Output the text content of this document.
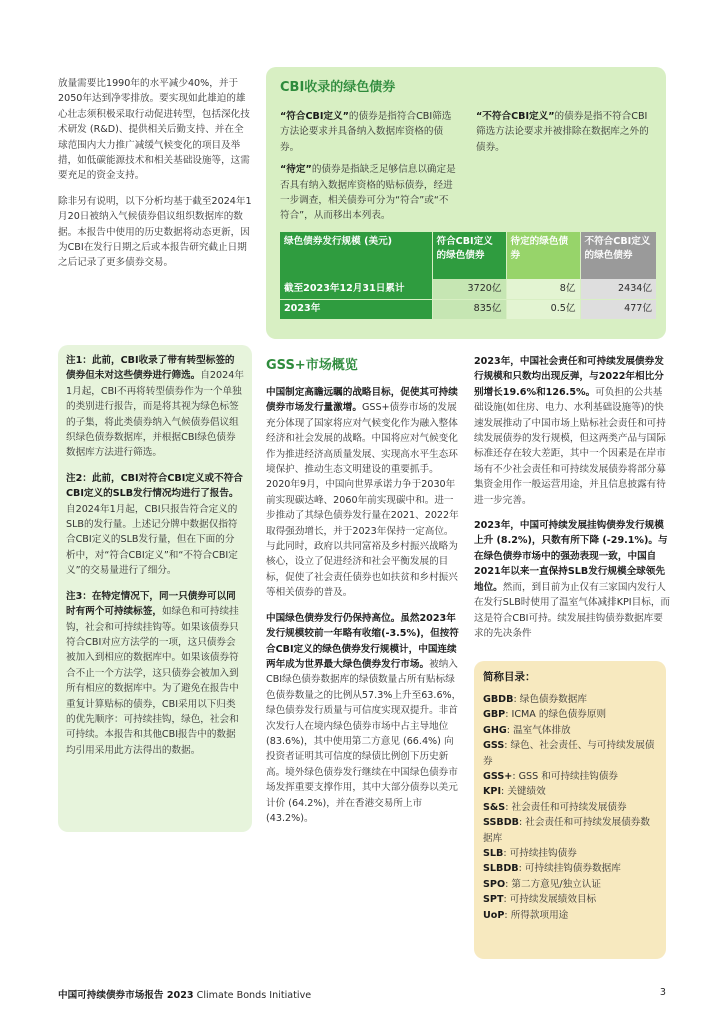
放量需要比1990年的水平减少40%，并于2050年达到净零排放。要实现如此雄迫的雄心壮志须积极采取行动促进转型，包括深化技术研发 (R&D)、提供相关后勤支持、并在全球范围内大力推广减缓气候变化的项目及举措，如低碳能源技术和相关基础设施等，这需要充足的资金支持。

除非另有说明，以下分析均基于截至2024年1月20日被纳入气候债券倡议组织数据库的数据。本报告中使用的历史数据将动态更新，因为CBI在发行日期之后或本报告研究截止日期之后记录了更多债券交易。

CBI收录的绿色债券

“符合CBI定义”的债券是指符合CBI筛选方法论要求并具备纳入数据库资格的债券。

“待定”的债券是指缺乏足够信息以确定是否具有纳入数据库资格的贴标债券，经进一步调查，相关债券可分为“符合”或“不符合”，从而移出本列表。

“不符合CBI定义”的债券是指不符合CBI筛选方法论要求并被排除在数据库之外的债券。

绿色债券发行规模 (美元)	符合CBI定义的绿色债券	待定的绿色债券	不符合CBI定义的绿色债券
截至2023年12月31日累计	3720亿	8亿	2434亿
2023年	835亿	0.5亿	477亿

注1：此前，CBI收录了带有转型标签的债券但未对这些债券进行筛选。自2024年1月起，CBI不再将转型债券作为一个单独的类别进行报告，而是将其视为绿色标签的子集，将此类债券纳入气候债券倡议组织绿色债券数据库，并根据CBI绿色债券数据库方法进行筛选。

注2：此前，CBI对符合CBI定义或不符合CBI定义的SLB发行情况均进行了报告。自2024年1月起，CBI只报告符合定义的SLB的发行量。上述记分牌中数据仅指符合CBI定义的SLB发行量，但在下面的分析中，对“符合CBI定义”和“不符合CBI定义”的交易量进行了细分。

注3：在特定情况下，同一只债券可以同时有两个可持续标签，如绿色和可持续挂钩，社会和可持续挂钩等。如果该债券只符合CBI对应方法学的一项，这只债券会被加入到相应的数据库中。如果该债券符合不止一个方法学，这只债券会被加入到所有相应的数据库中。为了避免在报告中重复计算贴标的债券，CBI采用以下归类的优先顺序：可持续挂钩，绿色，社会和可持续。本报告和其他CBI报告中的数据均引用采用此方法得出的数据。

GSS+市场概览

中国制定高瞻远瞩的战略目标，促使其可持续债券市场发行量激增。GSS+债券市场的发展充分体现了国家将应对气候变化作为融入整体经济和社会发展的战略。中国将应对气候变化作为推进经济高质量发展、实现高水平生态环境保护、推动生态文明建设的重要抓手。2020年9月，中国向世界承诺力争于2030年前实现碳达峰、2060年前实现碳中和。进一步推动了其绿色债券发行量在2021、2022年取得强劲增长，并于2023年保持一定高位。与此同时，政府以共同富裕及乡村振兴战略为核心，设立了促进经济和社会平衡发展的目标，促使了社会责任债券也如扶贫和乡村振兴等相关债券的普及。

中国绿色债券发行仍保持高位。虽然2023年发行规模较前一年略有收缩(-3.5%)，但按符合CBI定义的绿色债券发行规模计，中国连续两年成为世界最大绿色债券发行市场。被纳入CBI绿色债券数据库的绿债数量占所有贴标绿色债券数量之的比例从57.3%上升至63.6%，绿色债券发行质量与可信度实现双提升。非首次发行人在境内绿色债券市场中占主导地位(83.6%)，其中使用第二方意见 (66.4%) 向投资者证明其可信度的绿债比例创下历史新高。境外绿色债券发行继续在中国绿色债券市场发挥重要支撑作用，其中大部分债券以美元计价 (64.2%)，并在香港交易所上市 (43.2%)。

2023年，中国社会责任和可持续发展债券发行规模和只数均出现反弹，与2022年相比分别增长19.6%和126.5%。可负担的公共基础设施(如住房、电力、水利基础设施等)的快速发展推动了中国市场上贴标社会责任和可持续发展债券的发行规模，但这两类产品与国际标准还存在较大差距，其中一个因素是在岸市场有不少社会责任和可持续发展债券将部分募集资金用作一般运营用途，并且信息披露有待进一步完善。

2023年，中国可持续发展挂钩债券发行规模上升 (8.2%)，只数有所下降 (-29.1%)。与在绿色债券市场中的强劲表现一致，中国自2021年以来一直保持SLB发行规模全球领先地位。然而，到目前为止仅有三家国内发行人在发行SLB时使用了温室气体减排KPI目标，而这是符合CBI可持。续发展挂钩债券数据库要求的先决条件

简称目录：
GBDB: 绿色债券数据库
GBP: ICMA 的绿色债券原则
GHG: 温室气体排放
GSS: 绿色、社会责任、与可持续发展债券
GSS+: GSS 和可持续挂钩债券
KPI: 关键绩效
S&S: 社会责任和可持续发展债券
SSBDB: 社会责任和可持续发展债券数据库
SLB: 可持续挂钩债券
SLBDB: 可持续挂钩债券数据库
SPO: 第二方意见/独立认证
SPT: 可持续发展绩效目标
UoP: 所得款项用途
中国可持续债券市场报告 2023 Climate Bonds Initiative	3
